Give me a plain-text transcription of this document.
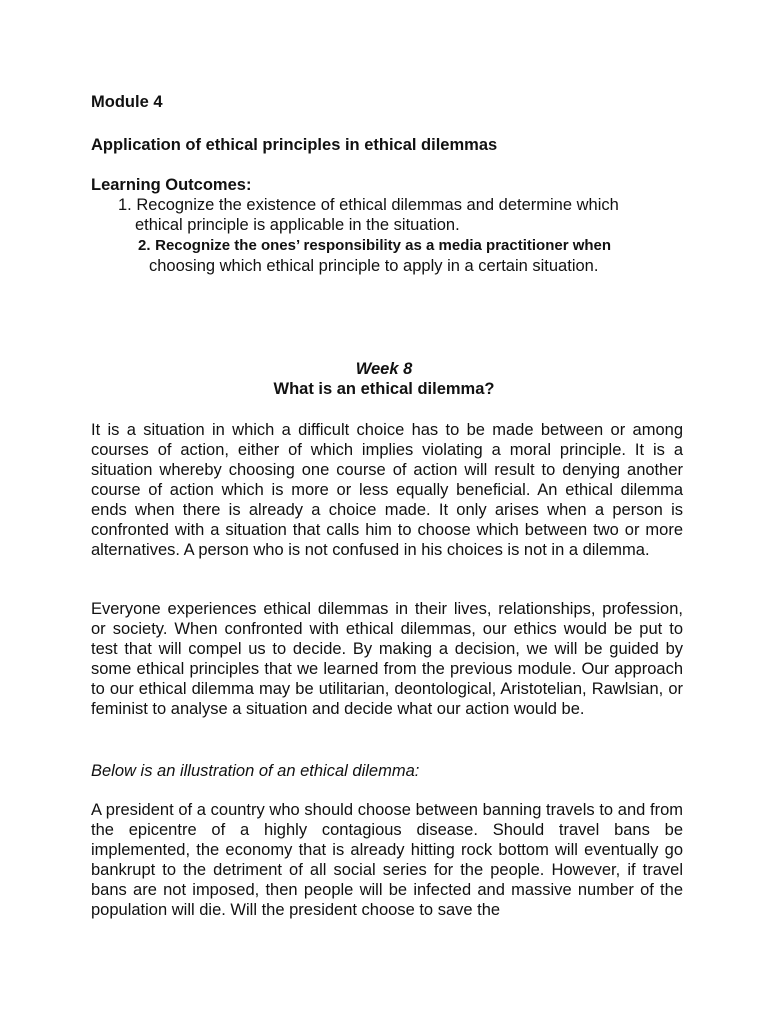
Module 4
Application of ethical principles in ethical dilemmas
Learning Outcomes:
1. Recognize the existence of ethical dilemmas and determine which
ethical principle is applicable in the situation.
2. Recognize the ones’ responsibility as a media practitioner when
choosing which ethical principle to apply in a certain situation.
Week 8
What is an ethical dilemma?
It is a situation in which a difficult choice has to be made between or among courses of action, either of which implies violating a moral principle. It is a situation whereby choosing one course of action will result to denying another course of action which is more or less equally beneficial. An ethical dilemma ends when there is already a choice made. It only arises when a person is confronted with a situation that calls him to choose which between two or more alternatives. A person who is not confused in his choices is not in a dilemma.
Everyone experiences ethical dilemmas in their lives, relationships, profession, or society. When confronted with ethical dilemmas, our ethics would be put to test that will compel us to decide. By making a decision, we will be guided by some ethical principles that we learned from the previous module. Our approach to our ethical dilemma may be utilitarian, deontological, Aristotelian, Rawlsian, or feminist to analyse a situation and decide what our action would be.
Below is an illustration of an ethical dilemma:
A president of a country who should choose between banning travels to and from the epicentre of a highly contagious disease. Should travel bans be implemented, the economy that is already hitting rock bottom will eventually go bankrupt to the detriment of all social series for the people. However, if travel bans are not imposed, then people will be infected and massive number of the population will die. Will the president choose to save the
